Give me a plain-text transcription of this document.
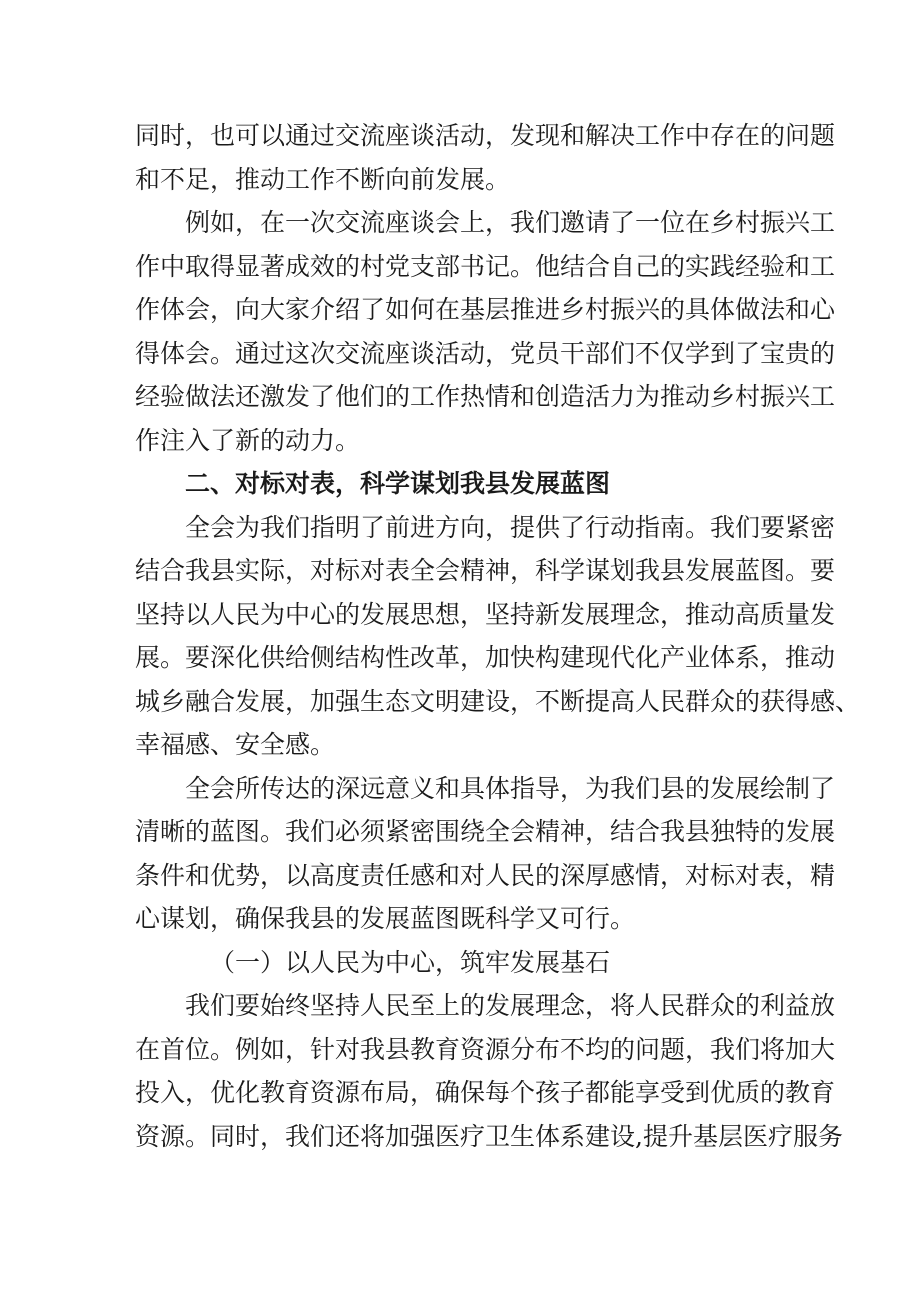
同时，也可以通过交流座谈活动，发现和解决工作中存在的问题
和不足，推动工作不断向前发展。
例如，在一次交流座谈会上，我们邀请了一位在乡村振兴工
作中取得显著成效的村党支部书记。他结合自己的实践经验和工
作体会，向大家介绍了如何在基层推进乡村振兴的具体做法和心
得体会。通过这次交流座谈活动，党员干部们不仅学到了宝贵的
经验做法还激发了他们的工作热情和创造活力为推动乡村振兴工
作注入了新的动力。
二、对标对表，科学谋划我县发展蓝图
全会为我们指明了前进方向，提供了行动指南。我们要紧密
结合我县实际，对标对表全会精神，科学谋划我县发展蓝图。要
坚持以人民为中心的发展思想，坚持新发展理念，推动高质量发
展。要深化供给侧结构性改革，加快构建现代化产业体系，推动
城乡融合发展，加强生态文明建设，不断提高人民群众的获得感、
幸福感、安全感。
全会所传达的深远意义和具体指导，为我们县的发展绘制了
清晰的蓝图。我们必须紧密围绕全会精神，结合我县独特的发展
条件和优势，以高度责任感和对人民的深厚感情，对标对表，精
心谋划，确保我县的发展蓝图既科学又可行。
（一）以人民为中心，筑牢发展基石
我们要始终坚持人民至上的发展理念，将人民群众的利益放
在首位。例如，针对我县教育资源分布不均的问题，我们将加大
投入，优化教育资源布局，确保每个孩子都能享受到优质的教育
资源。同时，我们还将加强医疗卫生体系建设,提升基层医疗服务
